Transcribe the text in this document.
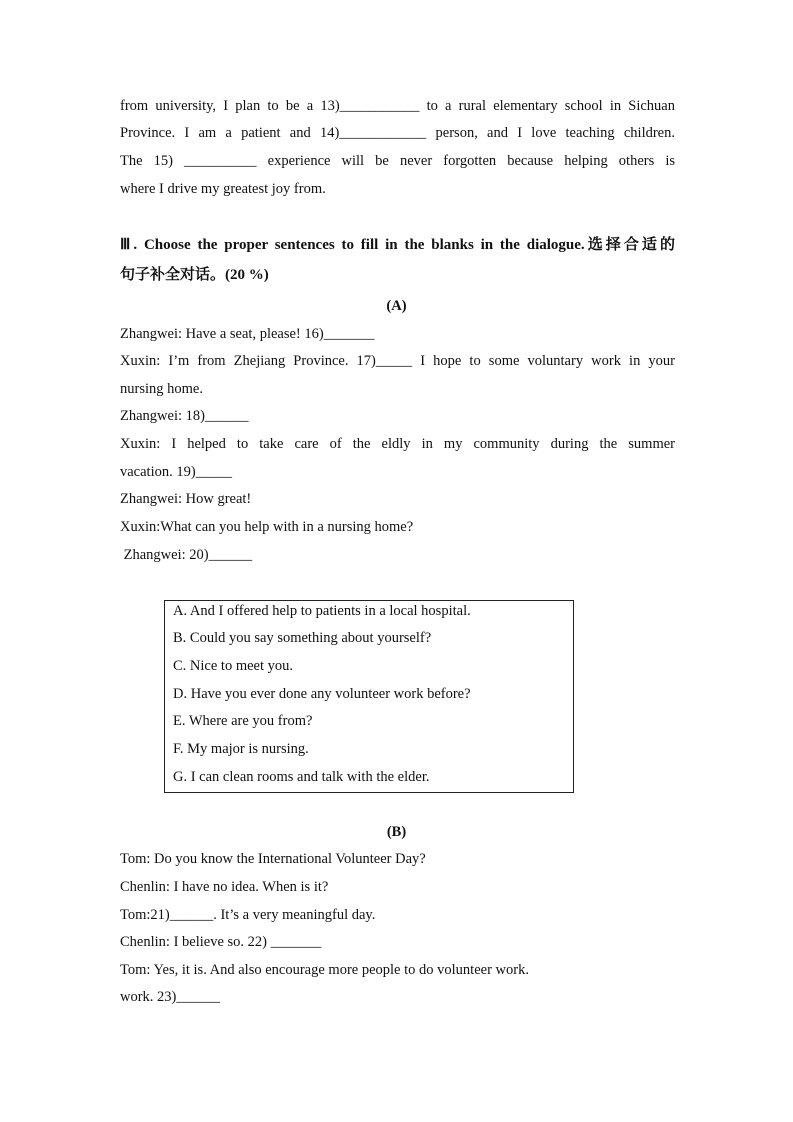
from university, I plan to be a 13)___________ to a rural elementary school in Sichuan
Province. I am a patient and 14)____________ person, and I love teaching children.
The 15) __________ experience will be never forgotten because helping others is
where I drive my greatest joy from.
Ⅲ. Choose the proper sentences to fill in the blanks in the dialogue.选择合适的
句子补全对话。(20 %)
(A)
Zhangwei: Have a seat, please! 16)_______
Xuxin: I’m from Zhejiang Province. 17)_____ I hope to some voluntary work in your
nursing home.
Zhangwei: 18)______
Xuxin: I helped to take care of the eldly in my community during the summer
vacation. 19)_____
Zhangwei: How great!
Xuxin:What can you help with in a nursing home?
Zhangwei: 20)______
A. And I offered help to patients in a local hospital.
B. Could you say something about yourself?
C. Nice to meet you.
D. Have you ever done any volunteer work before?
E. Where are you from?
F. My major is nursing.
G. I can clean rooms and talk with the elder.
(B)
Tom: Do you know the International Volunteer Day?
Chenlin: I have no idea. When is it?
Tom:21)______. It’s a very meaningful day.
Chenlin: I believe so. 22) _______
Tom: Yes, it is. And also encourage more people to do volunteer work.
work. 23)______
